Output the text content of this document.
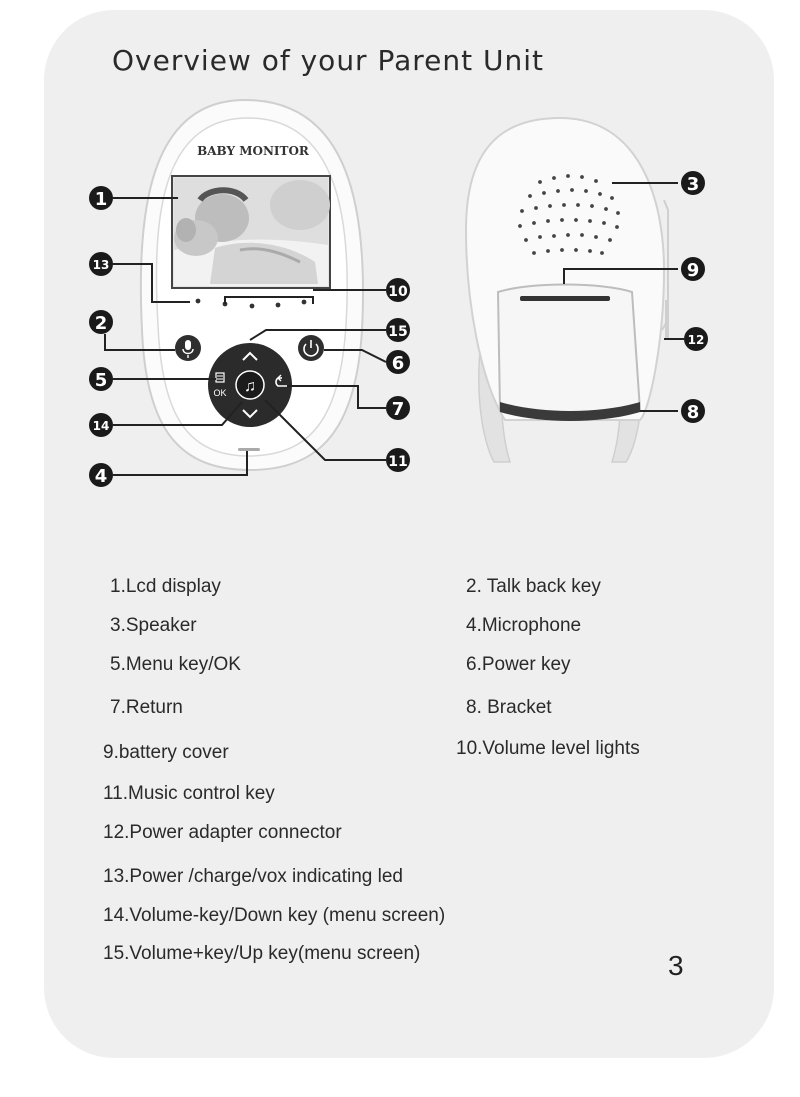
Overview of your Parent Unit
BABY MONITOR
♫
OK
1
13
2
5
14
4
10
15
6
7
11
3
9
12
8
1.Lcd display	2. Talk back key
3.Speaker	4.Microphone
5.Menu key/OK	6.Power key
7.Return	8. Bracket
9.battery cover	10.Volume level lights
11.Music control key
12.Power adapter connector
13.Power /charge/vox indicating led
14.Volume-key/Down key (menu screen)
15.Volume+key/Up key(menu screen)	3
